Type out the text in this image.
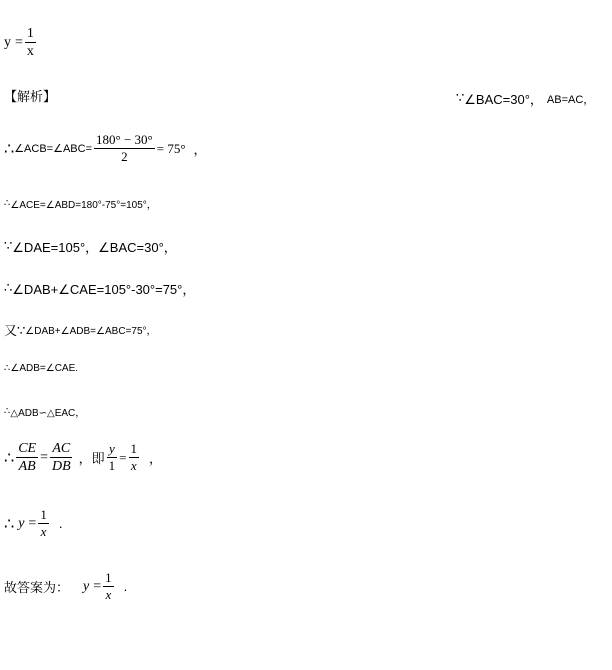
$y = \frac{1}{x}$
【解析】	∵ ∠BAC=30°， AB=AC，
∴ ∠ACB=∠ABC= $\frac{180^\circ - 30^\circ}{2} = 75^\circ$ ，
∴ ∠ACE=∠ABD=180°-75°=105°，
∵ ∠DAE=105°，∠BAC=30°，
∴ ∠DAB+∠CAE=105°-30°=75°，
又∵ ∠DAB+∠ADB=∠ABC=75°，
∴ ∠ADB=∠CAE.
∴ △ADB∽△EAC，
∴ $\frac{CE}{AB} = \frac{AC}{DB}$ ，即 $\frac{y}{1} = \frac{1}{x}$ ，
∴ $y = \frac{1}{x}$ .
故答案为： $y = \frac{1}{x}$ .
